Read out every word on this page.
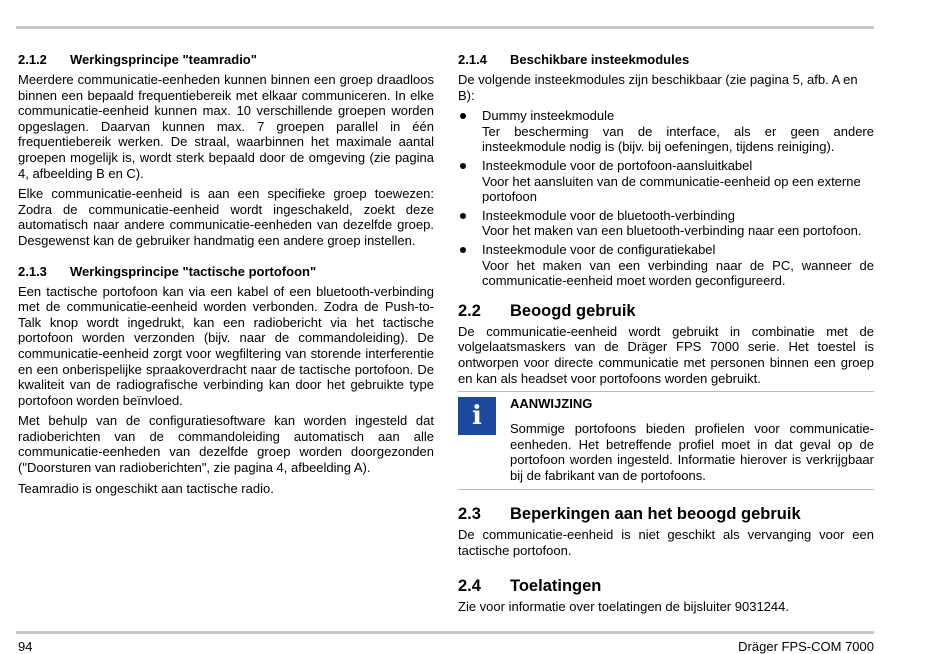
2.1.2	Werkingsprincipe "teamradio"

Meerdere communicatie-eenheden kunnen binnen een groep draadloos binnen een bepaald frequentiebereik met elkaar communiceren. In elke communicatie-eenheid kunnen max. 10 verschillende groepen worden opgeslagen. Daarvan kunnen max. 7 groepen parallel in één frequentiebereik werken. De straal, waarbinnen het maximale aantal groepen mogelijk is, wordt sterk bepaald door de omgeving (zie pagina 4, afbeelding B en C).

Elke communicatie-eenheid is aan een specifieke groep toewezen: Zodra de communicatie-eenheid wordt ingeschakeld, zoekt deze automatisch naar andere communicatie-eenheden van dezelfde groep. Desgewenst kan de gebruiker handmatig een andere groep instellen.

2.1.3	Werkingsprincipe "tactische portofoon"

Een tactische portofoon kan via een kabel of een bluetooth-verbinding met de communicatie-eenheid worden verbonden. Zodra de Push-to-Talk knop wordt ingedrukt, kan een radiobericht via het tactische portofoon worden verzonden (bijv. naar de commandoleiding). De communicatie-eenheid zorgt voor wegfiltering van storende interferentie en een onberispelijke spraakoverdracht naar de tactische portofoon. De kwaliteit van de radiografische verbinding kan door het gebruikte type portofoon worden beïnvloed.

Met behulp van de configuratiesoftware kan worden ingesteld dat radioberichten van de commandoleiding automatisch aan alle communicatie-eenheden van dezelfde groep worden doorgezonden ("Doorsturen van radioberichten", zie pagina 4, afbeelding A).

Teamradio is ongeschikt aan tactische radio.

2.1.4	Beschikbare insteekmodules

De volgende insteekmodules zijn beschikbaar (zie pagina 5, afb. A en B):

Dummy insteekmodule
Ter bescherming van de interface, als er geen andere insteekmodule nodig is (bijv. bij oefeningen, tijdens reiniging).
Insteekmodule voor de portofoon-aansluitkabel
Voor het aansluiten van de communicatie-eenheid op een externe portofoon
Insteekmodule voor de bluetooth-verbinding
Voor het maken van een bluetooth-verbinding naar een portofoon.
Insteekmodule voor de configuratiekabel
Voor het maken van een verbinding naar de PC, wanneer de communicatie-eenheid moet worden geconfigureerd.
2.2	Beoogd gebruik

De communicatie-eenheid wordt gebruikt in combinatie met de volgelaatsmaskers van de Dräger FPS 7000 serie. Het toestel is ontworpen voor directe communicatie met personen binnen een groep en kan als headset voor portofoons worden gebruikt.

i AANWIJZING

Sommige portofoons bieden profielen voor communicatie-eenheden. Het betreffende profiel moet in dat geval op de portofoon worden ingesteld. Informatie hierover is verkrijgbaar bij de fabrikant van de portofoons.

2.3	Beperkingen aan het beoogd gebruik

De communicatie-eenheid is niet geschikt als vervanging voor een tactische portofoon.

2.4	Toelatingen

Zie voor informatie over toelatingen de bijsluiter 9031244.

94	Dräger FPS-COM 7000
